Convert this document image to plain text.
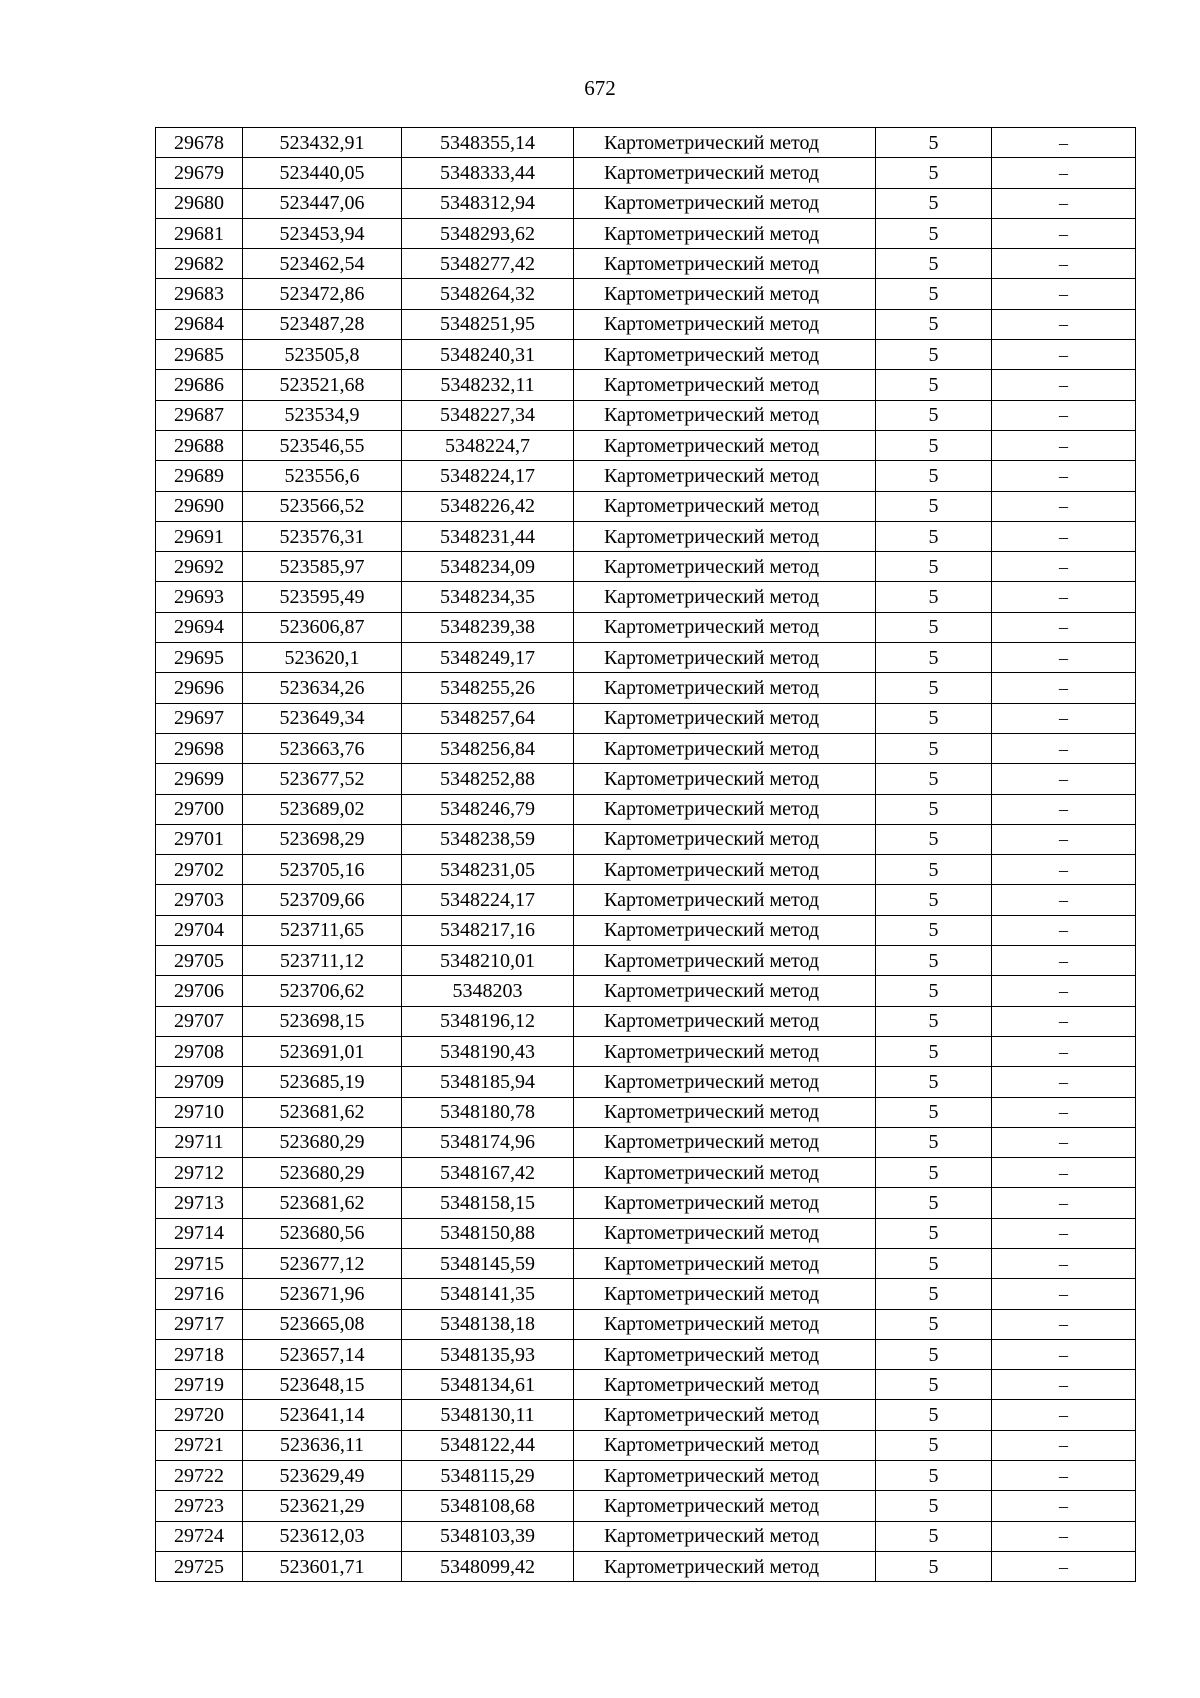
672
29678	523432,91	5348355,14	Картометрический метод	5	–
29679	523440,05	5348333,44	Картометрический метод	5	–
29680	523447,06	5348312,94	Картометрический метод	5	–
29681	523453,94	5348293,62	Картометрический метод	5	–
29682	523462,54	5348277,42	Картометрический метод	5	–
29683	523472,86	5348264,32	Картометрический метод	5	–
29684	523487,28	5348251,95	Картометрический метод	5	–
29685	523505,8	5348240,31	Картометрический метод	5	–
29686	523521,68	5348232,11	Картометрический метод	5	–
29687	523534,9	5348227,34	Картометрический метод	5	–
29688	523546,55	5348224,7	Картометрический метод	5	–
29689	523556,6	5348224,17	Картометрический метод	5	–
29690	523566,52	5348226,42	Картометрический метод	5	–
29691	523576,31	5348231,44	Картометрический метод	5	–
29692	523585,97	5348234,09	Картометрический метод	5	–
29693	523595,49	5348234,35	Картометрический метод	5	–
29694	523606,87	5348239,38	Картометрический метод	5	–
29695	523620,1	5348249,17	Картометрический метод	5	–
29696	523634,26	5348255,26	Картометрический метод	5	–
29697	523649,34	5348257,64	Картометрический метод	5	–
29698	523663,76	5348256,84	Картометрический метод	5	–
29699	523677,52	5348252,88	Картометрический метод	5	–
29700	523689,02	5348246,79	Картометрический метод	5	–
29701	523698,29	5348238,59	Картометрический метод	5	–
29702	523705,16	5348231,05	Картометрический метод	5	–
29703	523709,66	5348224,17	Картометрический метод	5	–
29704	523711,65	5348217,16	Картометрический метод	5	–
29705	523711,12	5348210,01	Картометрический метод	5	–
29706	523706,62	5348203	Картометрический метод	5	–
29707	523698,15	5348196,12	Картометрический метод	5	–
29708	523691,01	5348190,43	Картометрический метод	5	–
29709	523685,19	5348185,94	Картометрический метод	5	–
29710	523681,62	5348180,78	Картометрический метод	5	–
29711	523680,29	5348174,96	Картометрический метод	5	–
29712	523680,29	5348167,42	Картометрический метод	5	–
29713	523681,62	5348158,15	Картометрический метод	5	–
29714	523680,56	5348150,88	Картометрический метод	5	–
29715	523677,12	5348145,59	Картометрический метод	5	–
29716	523671,96	5348141,35	Картометрический метод	5	–
29717	523665,08	5348138,18	Картометрический метод	5	–
29718	523657,14	5348135,93	Картометрический метод	5	–
29719	523648,15	5348134,61	Картометрический метод	5	–
29720	523641,14	5348130,11	Картометрический метод	5	–
29721	523636,11	5348122,44	Картометрический метод	5	–
29722	523629,49	5348115,29	Картометрический метод	5	–
29723	523621,29	5348108,68	Картометрический метод	5	–
29724	523612,03	5348103,39	Картометрический метод	5	–
29725	523601,71	5348099,42	Картометрический метод	5	–
